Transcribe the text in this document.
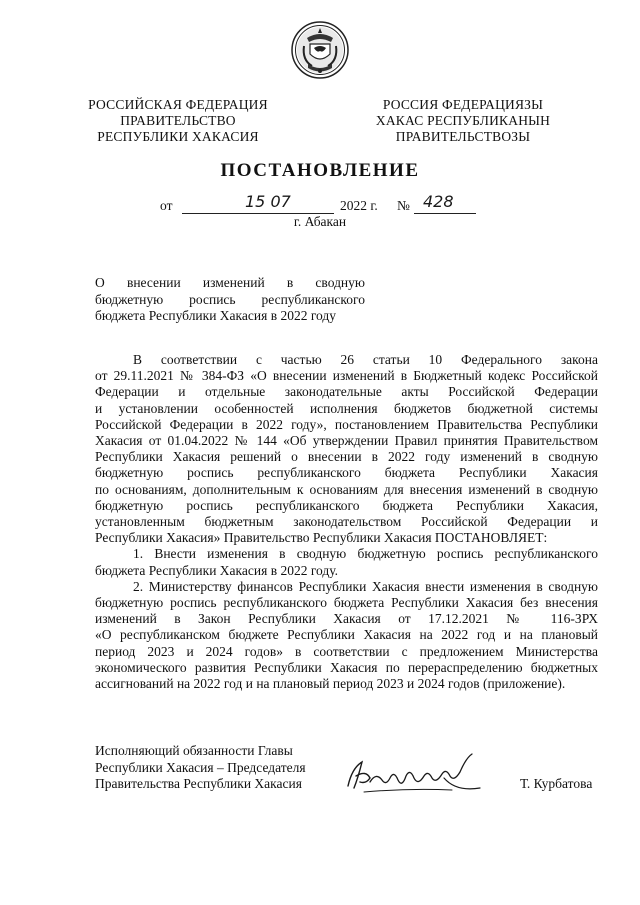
РОССИЙСКАЯ ФЕДЕРАЦИЯ
ПРАВИТЕЛЬСТВО
РЕСПУБЛИКИ ХАКАСИЯ
РОССИЯ ФЕДЕРАЦИЯЗЫ
ХАКАС РЕСПУБЛИКАНЫН
ПРАВИТЕЛЬСТВОЗЫ
ПОСТАНОВЛЕНИЕ
от	15 07	2022 г. № 428
г. Абакан
О внесении изменений в сводную
бюджетную роспись республиканского
бюджета Республики Хакасия в 2022 году

В соответствии с частью 26 статьи 10 Федерального закона

от 29.11.2021 № 384-ФЗ «О внесении изменений в Бюджетный кодекс Российской

Федерации и отдельные законодательные акты Российской Федерации

и установлении особенностей исполнения бюджетов бюджетной системы

Российской Федерации в 2022 году», постановлением Правительства Республики

Хакасия от 01.04.2022 № 144 «Об утверждении Правил принятия Правительством

Республики Хакасия решений о внесении в 2022 году изменений в сводную

бюджетную роспись республиканского бюджета Республики Хакасия

по основаниям, дополнительным к основаниям для внесения изменений в сводную

бюджетную роспись республиканского бюджета Республики Хакасия,

установленным бюджетным законодательством Российской Федерации и

Республики Хакасия» Правительство Республики Хакасия ПОСТАНОВЛЯЕТ:

1. Внести изменения в сводную бюджетную роспись республиканского

бюджета Республики Хакасия в 2022 году.

2. Министерству финансов Республики Хакасия внести изменения в сводную

бюджетную роспись республиканского бюджета Республики Хакасия без внесения

изменений в Закон Республики Хакасия от 17.12.2021 № 116-ЗРХ

«О республиканском бюджете Республики Хакасия на 2022 год и на плановый

период 2023 и 2024 годов» в соответствии с предложением Министерства

экономического развития Республики Хакасия по перераспределению бюджетных

ассигнований на 2022 год и на плановый период 2023 и 2024 годов (приложение).

Исполняющий обязанности Главы
Республики Хакасия – Председателя
Правительства Республики Хакасия	Т. Курбатова
